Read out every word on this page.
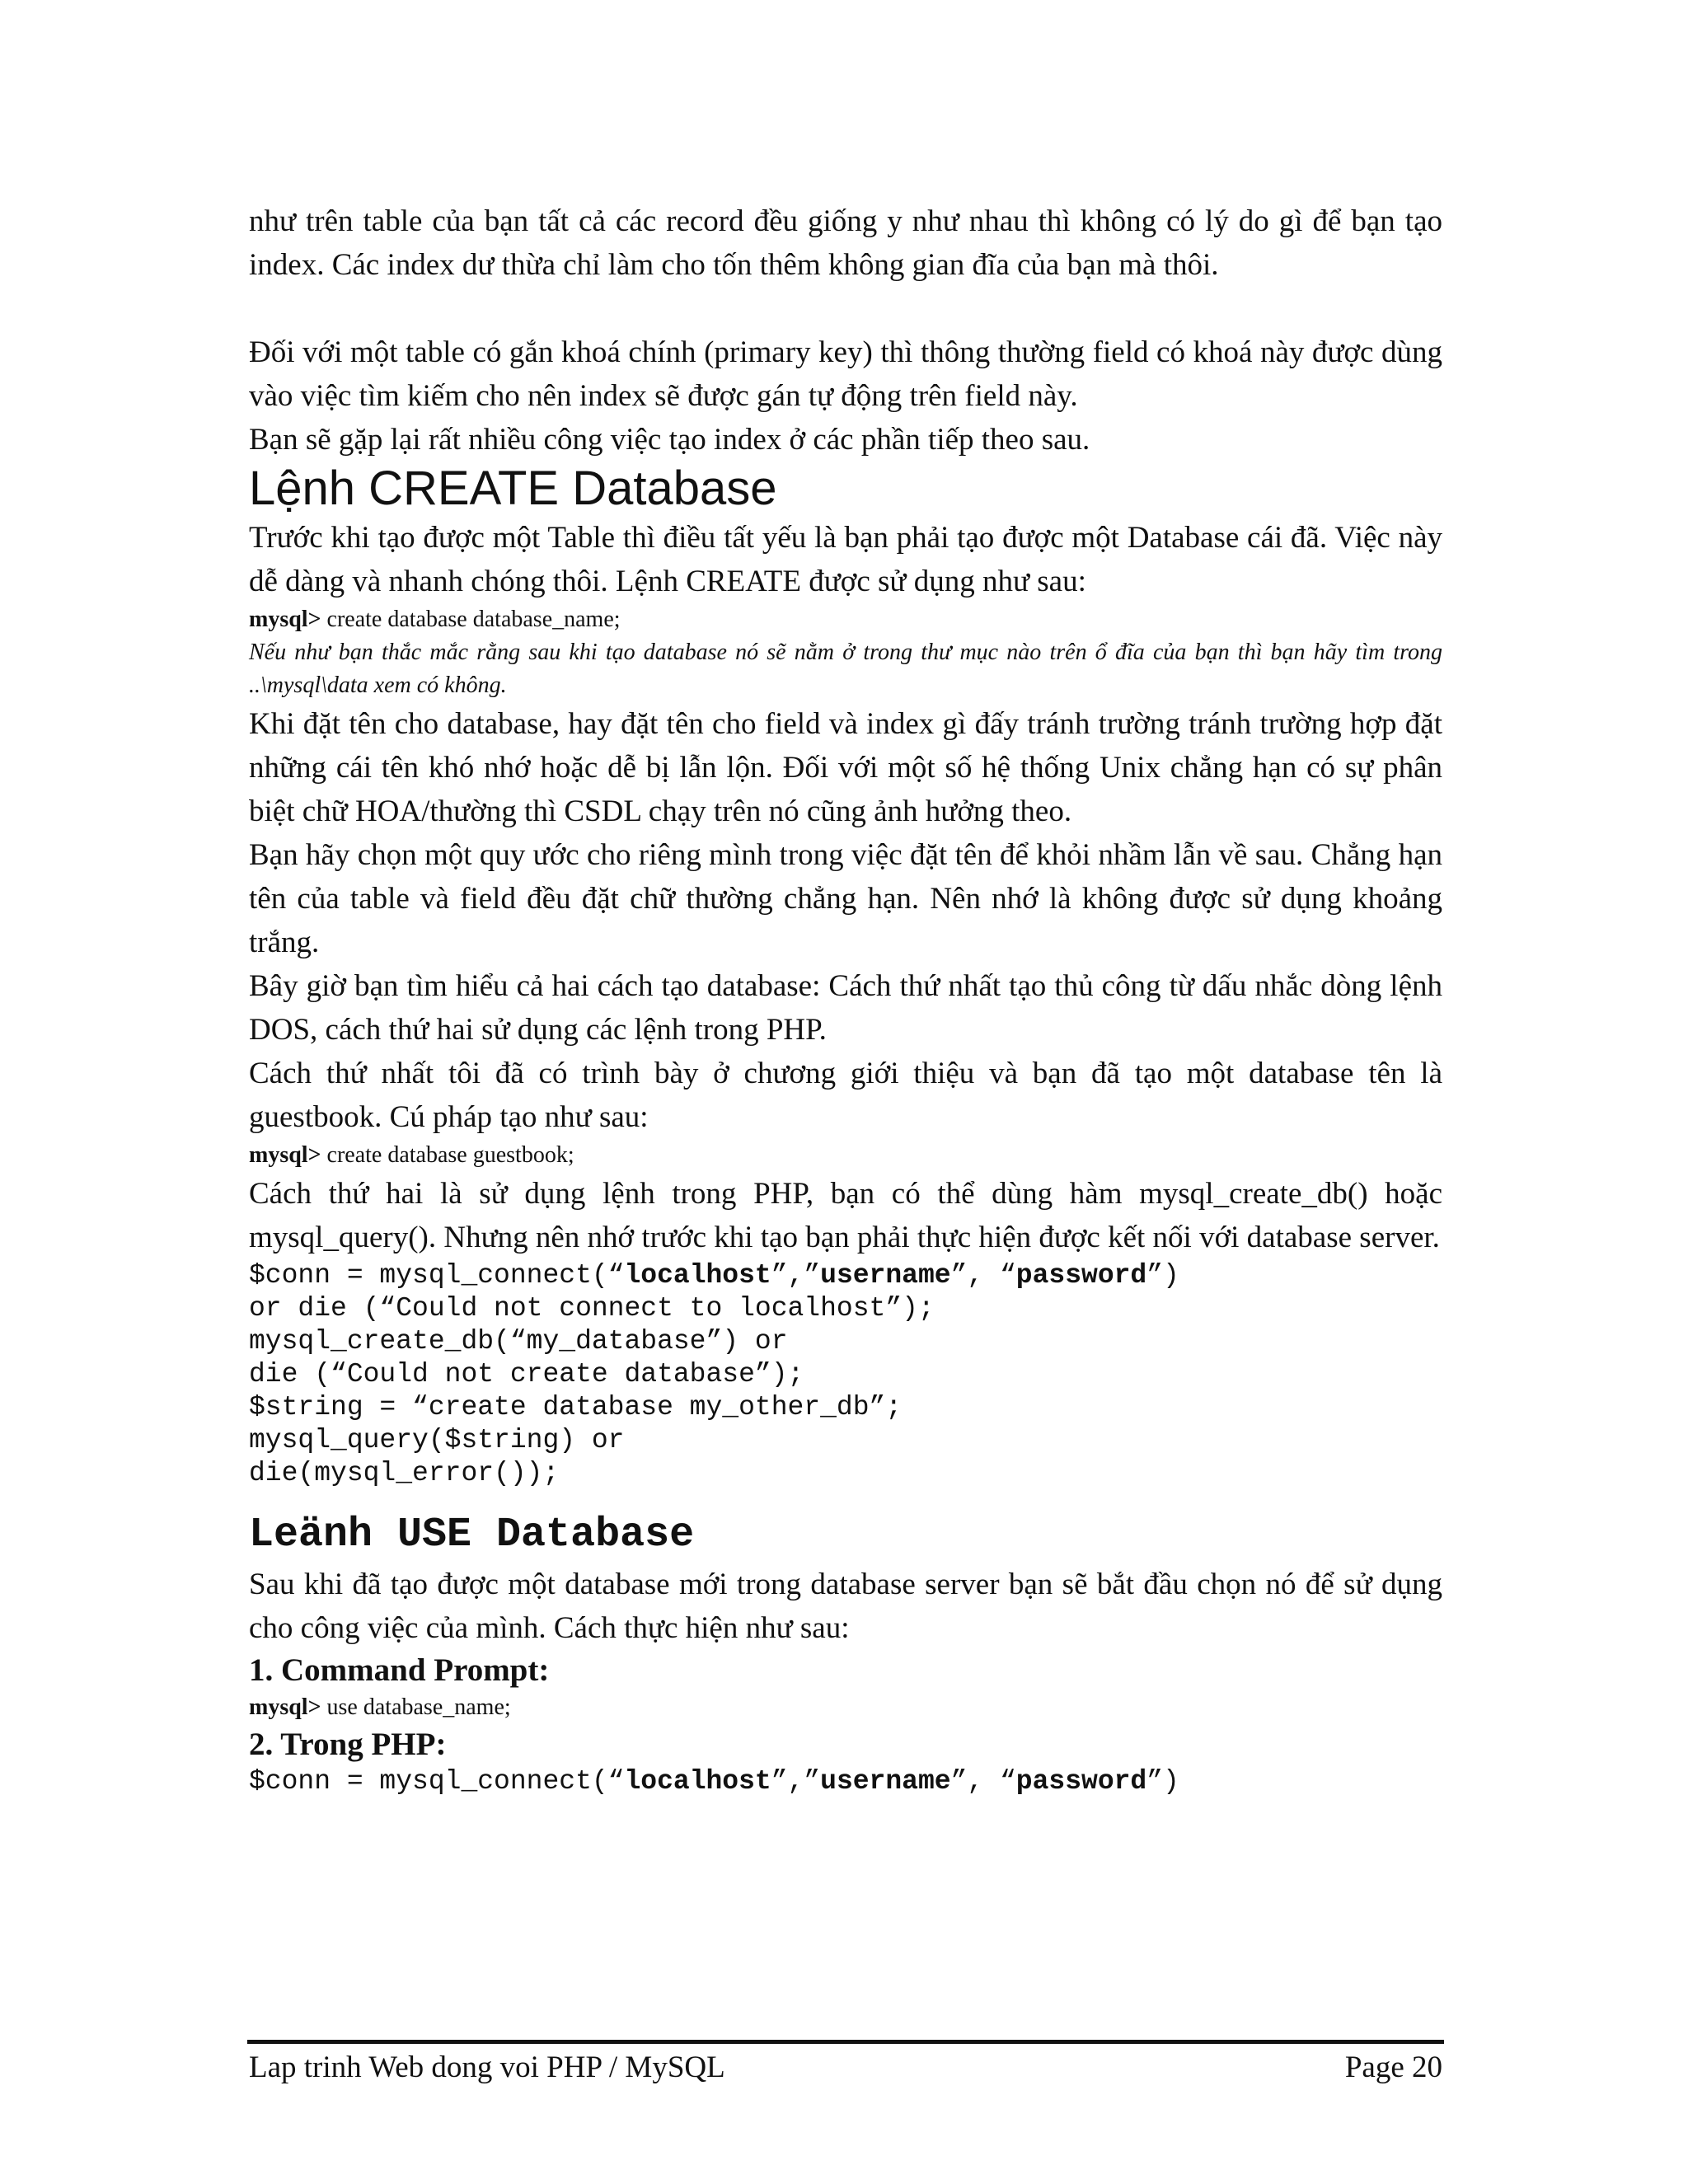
như trên table của bạn tất cả các record đều giống y như nhau thì không có lý do gì để bạn tạo index. Các index dư thừa chỉ làm cho tốn thêm không gian đĩa của bạn mà thôi.

Đối với một table có gắn khoá chính (primary key) thì thông thường field có khoá này được dùng vào việc tìm kiếm cho nên index sẽ được gán tự động trên field này.

Bạn sẽ gặp lại rất nhiều công việc tạo index ở các phần tiếp theo sau.

Lệnh CREATE Database

Trước khi tạo được một Table thì điều tất yếu là bạn phải tạo được một Database cái đã. Việc này dễ dàng và nhanh chóng thôi. Lệnh CREATE được sử dụng như sau:

mysql> create database database_name;

Nếu như bạn thắc mắc rằng sau khi tạo database nó sẽ nằm ở trong thư mục nào trên ổ đĩa của bạn thì bạn hãy tìm trong ..\mysql\data xem có không.

Khi đặt tên cho database, hay đặt tên cho field và index gì đấy tránh trường tránh trường hợp đặt những cái tên khó nhớ hoặc dễ bị lẫn lộn. Đối với một số hệ thống Unix chẳng hạn có sự phân biệt chữ HOA/thường thì CSDL chạy trên nó cũng ảnh hưởng theo.

Bạn hãy chọn một quy ước cho riêng mình trong việc đặt tên để khỏi nhầm lẫn về sau. Chẳng hạn tên của table và field đều đặt chữ thường chẳng hạn. Nên nhớ là không được sử dụng khoảng trắng.

Bây giờ bạn tìm hiểu cả hai cách tạo database: Cách thứ nhất tạo thủ công từ dấu nhắc dòng lệnh DOS, cách thứ hai sử dụng các lệnh trong PHP.

Cách thứ nhất tôi đã có trình bày ở chương giới thiệu và bạn đã tạo một database tên là guestbook. Cú pháp tạo như sau:

mysql> create database guestbook;

Cách thứ hai là sử dụng lệnh trong PHP, bạn có thể dùng hàm mysql_create_db() hoặc mysql_query(). Nhưng nên nhớ trước khi tạo bạn phải thực hiện được kết nối với database server.

$conn = mysql_connect(“localhost”,”username”, “password”)
or die (“Could not connect to localhost”);
mysql_create_db(“my_database”) or
die (“Could not create database”);
$string = “create database my_other_db”;
mysql_query($string) or
die(mysql_error());
Leänh USE Database

Sau khi đã tạo được một database mới trong database server bạn sẽ bắt đầu chọn nó để sử dụng cho công việc của mình. Cách thực hiện như sau:

1. Command Prompt:

mysql> use database_name;

2. Trong PHP:

$conn = mysql_connect(“localhost”,”username”, “password”)
Lap trinh Web dong voi PHP / MySQL	Page 20
